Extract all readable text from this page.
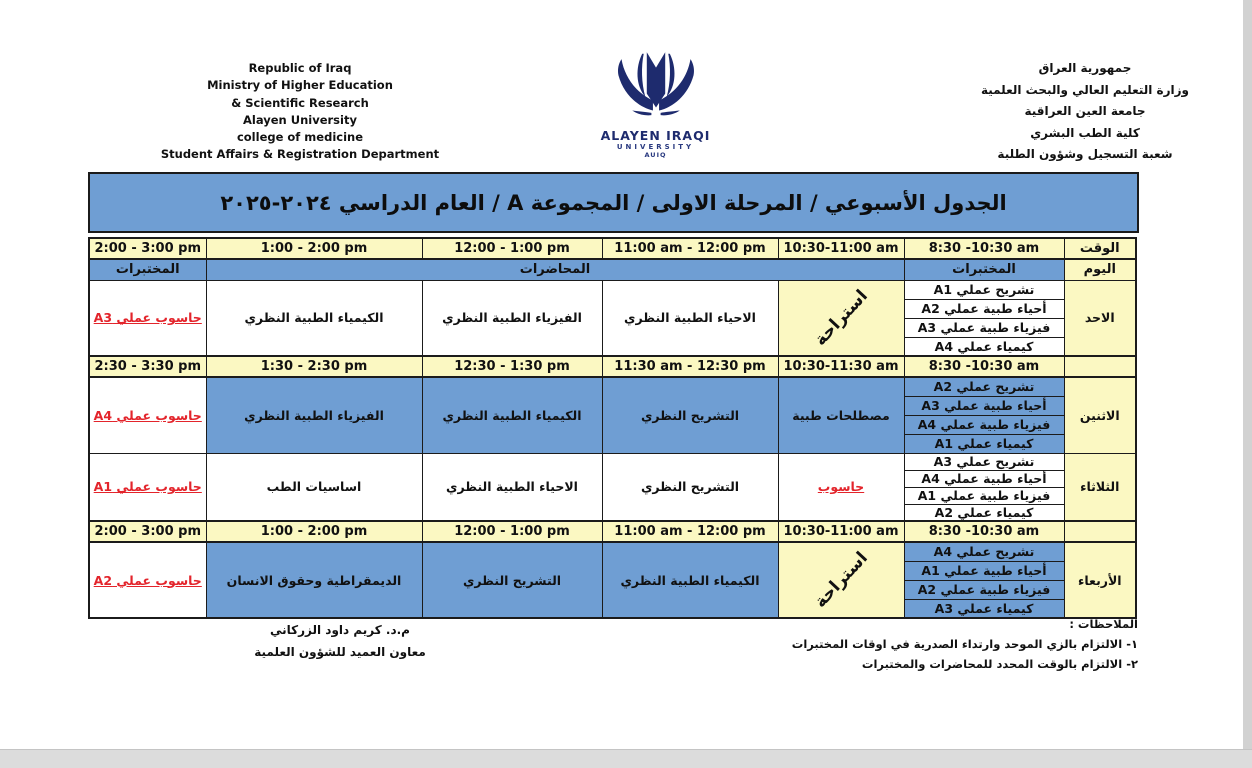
Republic of Iraq
Ministry of Higher Education
& Scientific Research
Alayen University
college of medicine
Student Affairs & Registration Department
ALAYEN IRAQI
UNIVERSITY
AUIQ
جمهورية العراق
وزارة التعليم العالي والبحث العلمية
جامعة العين العراقية
كلية الطب البشري
شعبة التسجيل وشؤون الطلبة
الجدول الأسبوعي / المرحلة الاولى / المجموعة A / العام الدراسي ٢٠٢٤-٢٠٢٥
الوقت	8:30 -10:30 am	10:30-11:00 am	11:00 am - 12:00 pm	12:00 - 1:00 pm	1:00 - 2:00 pm	2:00 - 3:00 pm
اليوم	المختبرات	المحاضرات				المختبرات
الاحد	تشريح عملي A1	استراحة	الاحياء الطبية النظري	الفيزياء الطبية النظري	الكيمياء الطبية النظري	حاسوب عملي A3
	أحياء طبية عملي A2					
	فيزياء طبية عملي A3					
	كيمياء عملي A4					
	8:30 -10:30 am	10:30-11:30 am	11:30 am - 12:30 pm	12:30 - 1:30 pm	1:30 - 2:30 pm	2:30 - 3:30 pm
الاثنين	تشريح عملي A2	مصطلحات طبية	التشريح النظري	الكيمياء الطبية النظري	الفيزياء الطبية النظري	حاسوب عملي A4
	أحياء طبية عملي A3					
	فيزياء طبية عملي A4					
	كيمياء عملي A1					
الثلاثاء	تشريح عملي A3	حاسوب	التشريح النظري	الاحياء الطبية النظري	اساسيات الطب	حاسوب عملي A1
	أحياء طبية عملي A4					
	فيزياء طبية عملي A1					
	كيمياء عملي A2					
	8:30 -10:30 am	10:30-11:00 am	11:00 am - 12:00 pm	12:00 - 1:00 pm	1:00 - 2:00 pm	2:00 - 3:00 pm
الأربعاء	تشريح عملي A4	استراحة	الكيمياء الطبية النظري	التشريح النظري	الديمقراطية وحقوق الانسان	حاسوب عملي A2
	أحياء طبية عملي A1					
	فيزياء طبية عملي A2					
	كيمياء عملي A3					
م.د. كريم داود الزركاني
معاون العميد للشؤون العلمية
الملاحظات :
١- الالتزام بالزي الموحد وارتداء الصدرية في اوقات المختبرات
٢- الالتزام بالوقت المحدد للمحاضرات والمختبرات
